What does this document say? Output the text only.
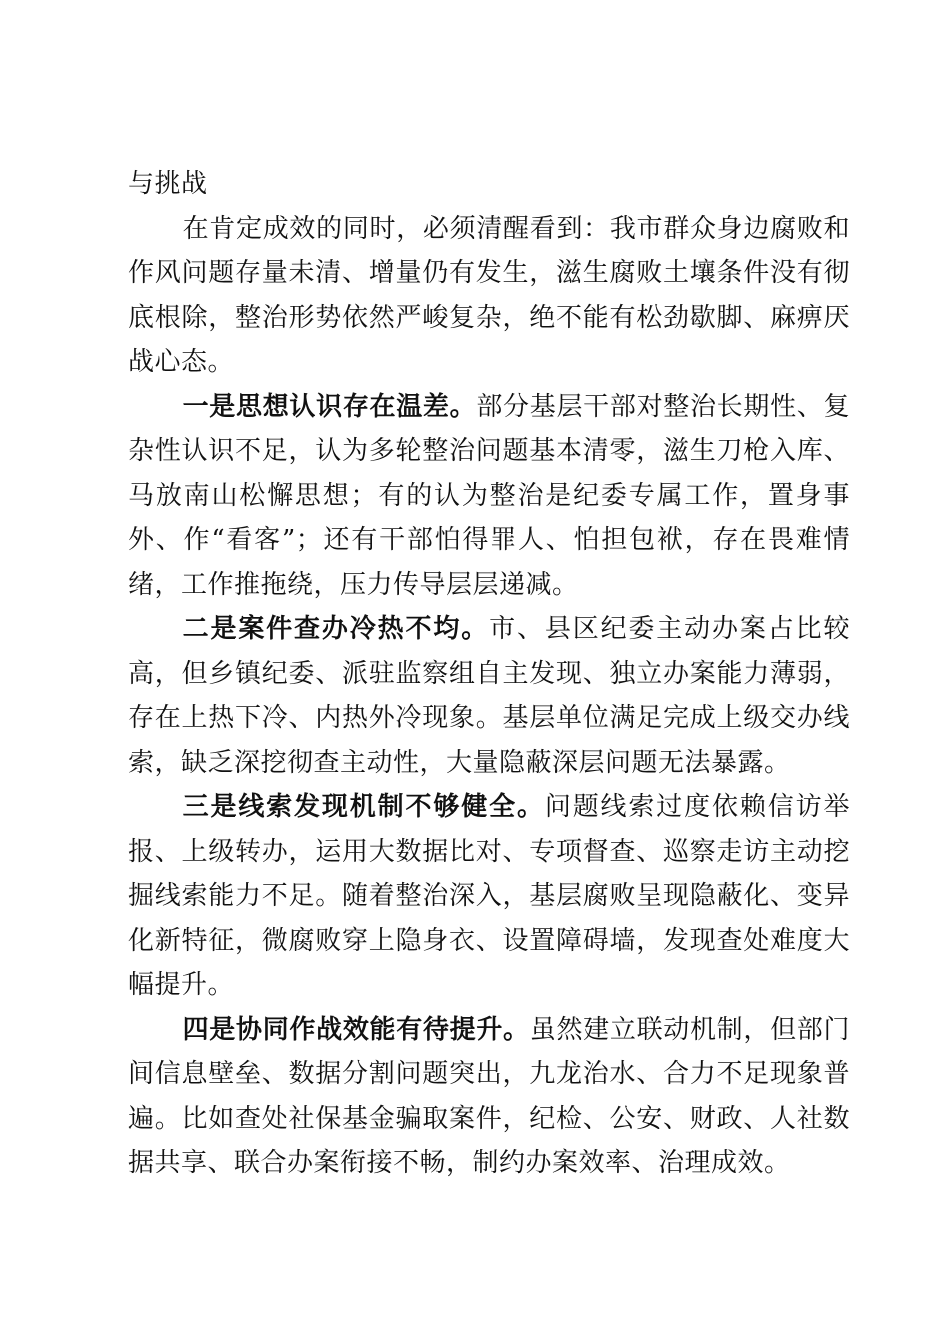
与挑战

在肯定成效的同时，必须清醒看到：我市群众身边腐败和作风问题存量未清、增量仍有发生，滋生腐败土壤条件没有彻底根除，整治形势依然严峻复杂，绝不能有松劲歇脚、麻痹厌战心态。

一是思想认识存在温差。部分基层干部对整治长期性、复杂性认识不足，认为多轮整治问题基本清零，滋生刀枪入库、马放南山松懈思想；有的认为整治是纪委专属工作，置身事外、作“看客”；还有干部怕得罪人、怕担包袱，存在畏难情绪，工作推拖绕，压力传导层层递减。

二是案件查办冷热不均。市、县区纪委主动办案占比较高，但乡镇纪委、派驻监察组自主发现、独立办案能力薄弱，存在上热下冷、内热外冷现象。基层单位满足完成上级交办线索，缺乏深挖彻查主动性，大量隐蔽深层问题无法暴露。

三是线索发现机制不够健全。问题线索过度依赖信访举报、上级转办，运用大数据比对、专项督查、巡察走访主动挖掘线索能力不足。随着整治深入，基层腐败呈现隐蔽化、变异化新特征，微腐败穿上隐身衣、设置障碍墙，发现查处难度大幅提升。

四是协同作战效能有待提升。虽然建立联动机制，但部门间信息壁垒、数据分割问题突出，九龙治水、合力不足现象普遍。比如查处社保基金骗取案件，纪检、公安、财政、人社数据共享、联合办案衔接不畅，制约办案效率、治理成效。
